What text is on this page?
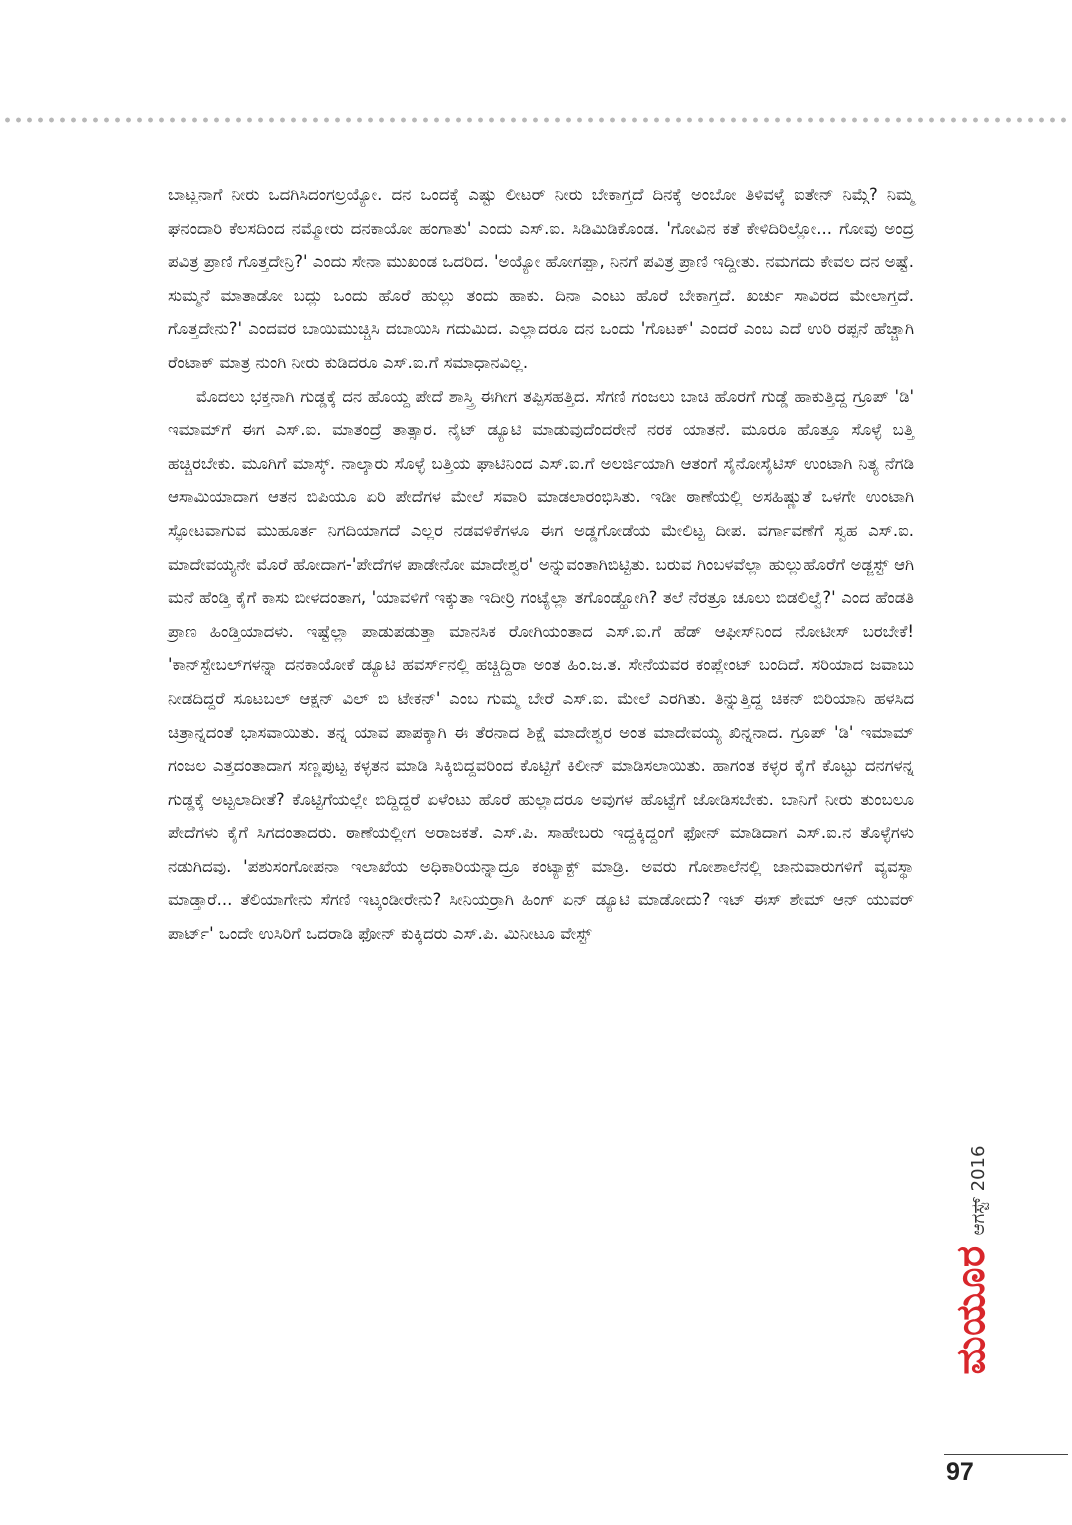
ಬಾಟ್ಲನಾಗೆ ನೀರು ಒದಗಿಸಿದಂಗಲ್ರಯ್ಯೋ. ದನ ಒಂದಕ್ಕೆ ಎಷ್ಟು ಲೀಟರ್ ನೀರು ಬೇಕಾಗ್ತದೆ ದಿನಕ್ಕೆ ಅಂಬೋ ತಿಳಿವಳ್ಕೆ ಐತೇನ್ ನಿಮ್ಗೆ? ನಿಮ್ಮ ಘನಂದಾರಿ ಕೆಲಸದಿಂದ ನಮ್ಮೋರು ದನಕಾಯೋ ಹಂಗಾತು' ಎಂದು ಎಸ್.ಐ. ಸಿಡಿಮಿಡಿಕೊಂಡ. 'ಗೋವಿನ ಕತೆ ಕೇಳಿದಿರಿಲ್ಲೋ... ಗೋವು ಅಂದ್ರ ಪವಿತ್ರ ಪ್ರಾಣಿ ಗೊತ್ತದೇನ್ರಿ?' ಎಂದು ಸೇನಾ ಮುಖಂಡ ಒದರಿದ. 'ಅಯ್ಯೋ ಹೋಗಪ್ಪಾ, ನಿನಗೆ ಪವಿತ್ರ ಪ್ರಾಣಿ ಇದ್ದೀತು. ನಮಗದು ಕೇವಲ ದನ ಅಷ್ಟೆ. ಸುಮ್ಮನೆ ಮಾತಾಡೋ ಬದ್ಲು ಒಂದು ಹೊರೆ ಹುಲ್ಲು ತಂದು ಹಾಕು. ದಿನಾ ಎಂಟು ಹೊರೆ ಬೇಕಾಗ್ತದೆ. ಖರ್ಚು ಸಾವಿರದ ಮೇಲಾಗ್ತದೆ. ಗೊತ್ತದೇನು?' ಎಂದವರ ಬಾಯಿಮುಚ್ಚಿಸಿ ದಬಾಯಿಸಿ ಗದುಮಿದ. ಎಲ್ಲಾದರೂ ದನ ಒಂದು 'ಗೊಟಕ್' ಎಂದರೆ ಎಂಬ ಎದೆ ಉರಿ ರಪ್ಪನೆ ಹೆಚ್ಚಾಗಿ ರೆಂಟಾಕ್ ಮಾತ್ರ ನುಂಗಿ ನೀರು ಕುಡಿದರೂ ಎಸ್.ಐ.ಗೆ ಸಮಾಧಾನವಿಲ್ಲ.

ಮೊದಲು ಭಕ್ತನಾಗಿ ಗುಡ್ಡಕ್ಕೆ ದನ ಹೊಯ್ದ ಪೇದೆ ಶಾಸ್ತ್ರಿ ಈಗೀಗ ತಪ್ಪಿಸಹತ್ತಿದ. ಸೆಗಣಿ ಗಂಜಲು ಬಾಚಿ ಹೊರಗೆ ಗುಡ್ಡೆ ಹಾಕುತ್ತಿದ್ದ ಗ್ರೂಪ್ 'ಡಿ' ಇಮಾಮ್‌ಗೆ ಈಗ ಎಸ್.ಐ. ಮಾತಂದ್ರೆ ತಾತ್ಸಾರ. ನೈಟ್ ಡ್ಯೂಟಿ ಮಾಡುವುದೆಂದರೇನೆ ನರಕ ಯಾತನೆ. ಮೂರೂ ಹೊತ್ತೂ ಸೊಳ್ಳೆ ಬತ್ತಿ ಹಚ್ಚಿರಬೇಕು. ಮೂಗಿಗೆ ಮಾಸ್ಕ್. ನಾಲ್ಕಾರು ಸೊಳ್ಳೆ ಬತ್ತಿಯ ಘಾಟಿನಿಂದ ಎಸ್.ಐ.ಗೆ ಅಲರ್ಜಿಯಾಗಿ ಆತಂಗೆ ಸೈನೋಸೈಟಿಸ್ ಉಂಟಾಗಿ ನಿತ್ಯ ನೆಗಡಿ ಆಸಾಮಿಯಾದಾಗ ಆತನ ಬಿಪಿಯೂ ಏರಿ ಪೇದೆಗಳ ಮೇಲೆ ಸವಾರಿ ಮಾಡಲಾರಂಭಿಸಿತು. ಇಡೀ ಠಾಣೆಯಲ್ಲಿ ಅಸಹಿಷ್ಣುತೆ ಒಳಗೇ ಉಂಟಾಗಿ ಸ್ಫೋಟವಾಗುವ ಮುಹೂರ್ತ ನಿಗದಿಯಾಗದೆ ಎಲ್ಲರ ನಡವಳಿಕೆಗಳೂ ಈಗ ಅಡ್ಡಗೋಡೆಯ ಮೇಲಿಟ್ಟ ದೀಪ. ವರ್ಗಾವಣೆಗೆ ಸ್ವಹ ಎಸ್.ಐ. ಮಾದೇವಯ್ಯನೇ ಮೊರೆ ಹೋದಾಗ-'ಪೇದೆಗಳ ಪಾಡೇನೋ ಮಾದೇಶ್ವರ' ಅನ್ನುವಂತಾಗಿಬಿಟ್ಟಿತು. ಬರುವ ಗಿಂಬಳವೆಲ್ಲಾ ಹುಲ್ಲುಹೊರೆಗೆ ಅಡ್ಜಸ್ಟ್ ಆಗಿ ಮನೆ ಹೆಂಡ್ತಿ ಕೈಗೆ ಕಾಸು ಬೀಳದಂತಾಗ, 'ಯಾವಳಿಗೆ ಇಕ್ಕುತಾ ಇದೀರ್ರಿ ಗಂಟ್ಯೆಲ್ಲಾ ತಗೊಂಡ್ಹೋಗಿ? ತಲೆ ನೆರತ್ರೂ ಚೂಲು ಬಿಡಲಿಲ್ವೆ?' ಎಂದ ಹೆಂಡತಿ ಪ್ರಾಣ ಹಿಂಡ್ತಿಯಾದಳು. ಇಷ್ಟೆಲ್ಲಾ ಪಾಡುಪಡುತ್ತಾ ಮಾನಸಿಕ ರೋಗಿಯಂತಾದ ಎಸ್.ಐ.ಗೆ ಹೆಡ್ ಆಫೀಸ್‌ನಿಂದ ನೋಟೀಸ್ ಬರಬೇಕೆ! 'ಕಾನ್‌ಸ್ಟೇಬಲ್‌ಗಳನ್ನಾ ದನಕಾಯೋಕೆ ಡ್ಯೂಟಿ ಹವರ್ಸ್‌ನಲ್ಲಿ ಹಚ್ಚಿದ್ದಿರಾ ಅಂತ ಹಿಂ.ಜ.ತ. ಸೇನೆಯವರ ಕಂಪ್ಲೇಂಟ್ ಬಂದಿದೆ. ಸರಿಯಾದ ಜವಾಬು ನೀಡದಿದ್ದರೆ ಸೂಟಬಲ್ ಆಕ್ಷನ್ ವಿಲ್ ಬಿ ಟೇಕನ್' ಎಂಬ ಗುಮ್ಮ ಬೇರೆ ಎಸ್.ಐ. ಮೇಲೆ ಎರಗಿತು. ತಿನ್ನುತ್ತಿದ್ದ ಚಿಕನ್ ಬಿರಿಯಾನಿ ಹಳಸಿದ ಚಿತ್ರಾನ್ನದಂತೆ ಭಾಸವಾಯಿತು. ತನ್ನ ಯಾವ ಪಾಪಕ್ಕಾಗಿ ಈ ತೆರನಾದ ಶಿಕ್ಷೆ ಮಾದೇಶ್ವರ ಅಂತ ಮಾದೇವಯ್ಯ ಖಿನ್ನನಾದ. ಗ್ರೂಪ್ 'ಡಿ' ಇಮಾಮ್ ಗಂಜಲ ಎತ್ತದಂತಾದಾಗ ಸಣ್ಣಪುಟ್ಟ ಕಳ್ಳತನ ಮಾಡಿ ಸಿಕ್ಕಿಬಿದ್ದವರಿಂದ ಕೊಟ್ಟಿಗೆ ಕಿಲೀನ್ ಮಾಡಿಸಲಾಯಿತು. ಹಾಗಂತ ಕಳ್ಳರ ಕೈಗೆ ಕೊಟ್ಟು ದನಗಳನ್ನ ಗುಡ್ಡಕ್ಕೆ ಅಟ್ಟಲಾದೀತೆ? ಕೊಟ್ಟಿಗೆಯಲ್ಲೇ ಬಿದ್ದಿದ್ದರೆ ಏಳೆಂಟು ಹೊರೆ ಹುಲ್ಲಾದರೂ ಅವುಗಳ ಹೊಟ್ಟೆಗೆ ಜೋಡಿಸಬೇಕು. ಬಾನಿಗೆ ನೀರು ತುಂಬಲೂ ಪೇದೆಗಳು ಕೈಗೆ ಸಿಗದಂತಾದರು. ಠಾಣೆಯಲ್ಲೀಗ ಅರಾಜಕತೆ. ಎಸ್.ಪಿ. ಸಾಹೇಬರು ಇದ್ದಕ್ಕಿದ್ದಂಗೆ ಫೋನ್ ಮಾಡಿದಾಗ ಎಸ್.ಐ.ನ ತೊಳ್ಳೆಗಳು ನಡುಗಿದವು. 'ಪಶುಸಂಗೋಪನಾ ಇಲಾಖೆಯ ಅಧಿಕಾರಿಯನ್ನಾದ್ರೂ ಕಂಟ್ಯಾಕ್ಟ್ ಮಾಡ್ರಿ. ಅವರು ಗೋಶಾಲೆನಲ್ಲಿ ಜಾನುವಾರುಗಳಿಗೆ ವ್ಯವಸ್ಥಾ ಮಾಡ್ತಾರೆ... ತೆಲಿಯಾಗೇನು ಸೆಗಣಿ ಇಟ್ಕಂಡೀರೇನು? ಸೀನಿಯರ್ರಾಗಿ ಹಿಂಗ್ ಏನ್ ಡ್ಯೂಟಿ ಮಾಡೋದು? ಇಟ್ ಈಸ್ ಶೇಮ್ ಆನ್ ಯುವರ್ ಪಾರ್ಟ್' ಒಂದೇ ಉಸಿರಿಗೆ ಒದರಾಡಿ ಫೋನ್ ಕುಕ್ಕಿದರು ಎಸ್.ಪಿ. ಮಿನೀಟೂ ವೇಸ್ಟ್

ಮಯೂರ
ಆಗಸ್ಟ್ 2016
97
